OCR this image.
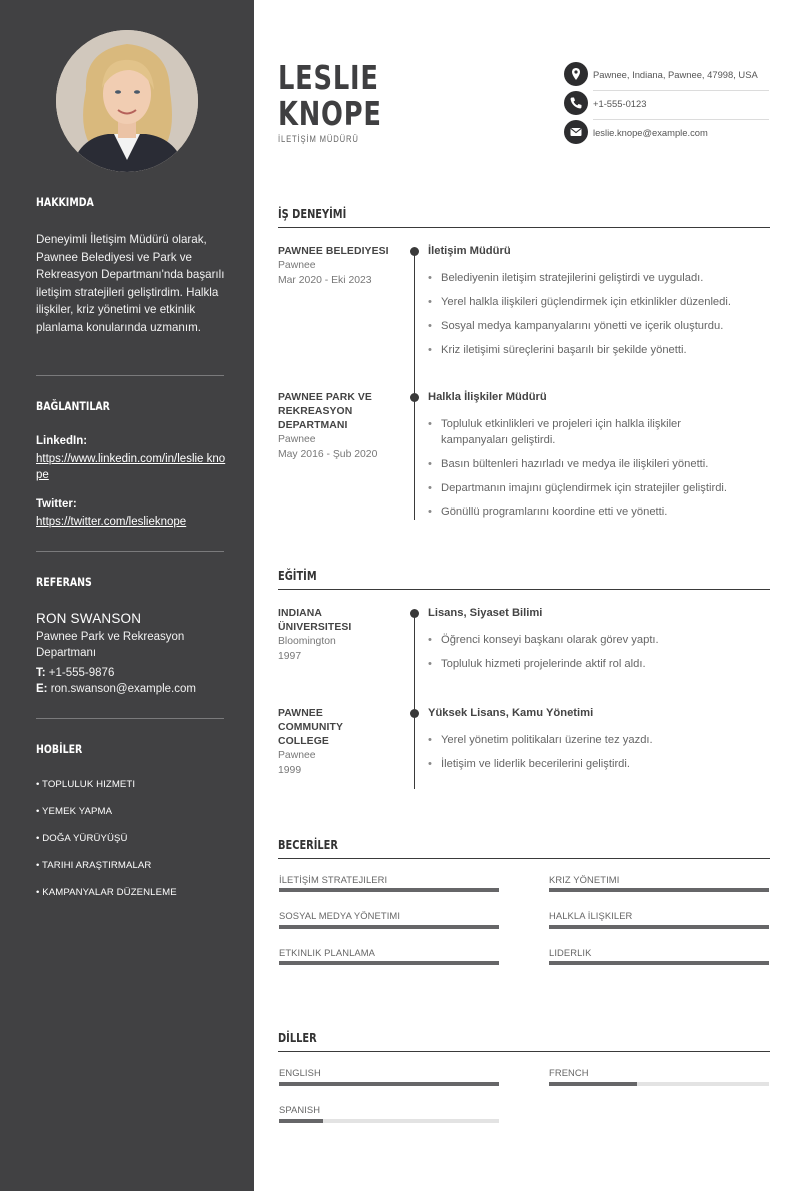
HAKKIMDA
Deneyimli İletişim Müdürü olarak, Pawnee Belediyesi ve Park ve Rekreasyon Departmanı'nda başarılı iletişim stratejileri geliştirdim. Halkla ilişkiler, kriz yönetimi ve etkinlik planlama konularında uzmanım.
BAĞLANTILAR
LinkedIn:
https://www.linkedin.com/in/leslie knope
Twitter:
https://twitter.com/leslieknope
REFERANS
RON SWANSON
Pawnee Park ve Rekreasyon Departmanı
T: +1-555-9876
E: ron.swanson@example.com
HOBİLER
• TOPLULUK HIZMETI
• YEMEK YAPMA
• DOĞA YÜRÜYÜŞÜ
• TARIHI ARAŞTIRMALAR
• KAMPANYALAR DÜZENLEME
LESLIE
KNOPE
İLETİŞİM MÜDÜRÜ
Pawnee, Indiana, Pawnee, 47998, USA
+1-555-0123
leslie.knope@example.com
İŞ DENEYİMİ
PAWNEE BELEDIYESI
Pawnee
Mar 2020 - Eki 2023
İletişim Müdürü
• Belediyenin iletişim stratejilerini geliştirdi ve uyguladı.
• Yerel halkla ilişkileri güçlendirmek için etkinlikler düzenledi.
• Sosyal medya kampanyalarını yönetti ve içerik oluşturdu.
• Kriz iletişimi süreçlerini başarılı bir şekilde yönetti.
PAWNEE PARK VE REKREASYON DEPARTMANI
Pawnee
May 2016 - Şub 2020
Halkla İlişkiler Müdürü
• Topluluk etkinlikleri ve projeleri için halkla ilişkiler kampanyaları geliştirdi.
• Basın bültenleri hazırladı ve medya ile ilişkileri yönetti.
• Departmanın imajını güçlendirmek için stratejiler geliştirdi.
• Gönüllü programlarını koordine etti ve yönetti.
EĞİTİM
INDIANA ÜNIVERSITESI
Bloomington
1997
Lisans, Siyaset Bilimi
• Öğrenci konseyi başkanı olarak görev yaptı.
• Topluluk hizmeti projelerinde aktif rol aldı.
PAWNEE COMMUNITY COLLEGE
Pawnee
1999
Yüksek Lisans, Kamu Yönetimi
• Yerel yönetim politikaları üzerine tez yazdı.
• İletişim ve liderlik becerilerini geliştirdi.
BECERİLER
İLETİŞİM STRATEJILERI	KRIZ YÖNETIMI
SOSYAL MEDYA YÖNETIMI	HALKLA İLIŞKILER
ETKINLIK PLANLAMA	LIDERLIK
DİLLER
ENGLISH	FRENCH
SPANISH
